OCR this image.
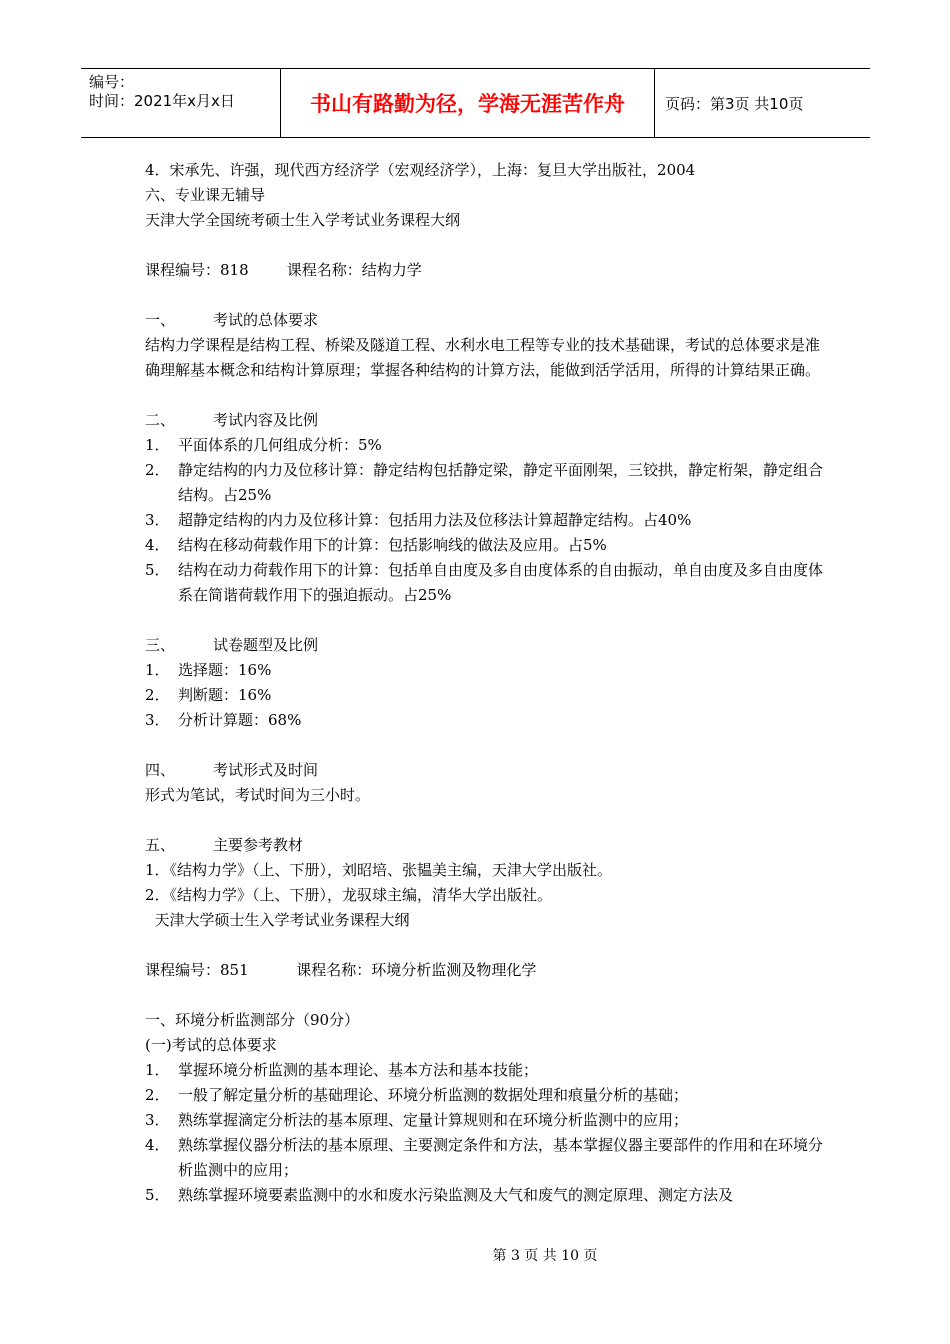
编号：
时间：2021年x月x日	书山有路勤为径，学海无涯苦作舟	页码：第3页 共10页
4．宋承先、许强，现代西方经济学（宏观经济学），上海：复旦大学出版社，2004
六、专业课无辅导
天津大学全国统考硕士生入学考试业务课程大纲
课程编号：818        课程名称：结构力学
一、	考试的总体要求
结构力学课程是结构工程、桥梁及隧道工程、水利水电工程等专业的技术基础课，考试的总体要求是准确理解基本概念和结构计算原理；掌握各种结构的计算方法，能做到活学活用，所得的计算结果正确。
二、	考试内容及比例
1． 平面体系的几何组成分析：5%
2． 静定结构的内力及位移计算：静定结构包括静定梁，静定平面刚架，三铰拱，静定桁架，静定组合结构。占25%
3． 超静定结构的内力及位移计算：包括用力法及位移法计算超静定结构。占40%
4． 结构在移动荷载作用下的计算：包括影响线的做法及应用。占5%
5． 结构在动力荷载作用下的计算：包括单自由度及多自由度体系的自由振动，单自由度及多自由度体系在简谐荷载作用下的强迫振动。占25%
三、	试卷题型及比例
1． 选择题：16%
2． 判断题：16%
3． 分析计算题：68%
四、	考试形式及时间
形式为笔试，考试时间为三小时。
五、	主要参考教材
1．《结构力学》（上、下册），刘昭培、张韫美主编，天津大学出版社。
2．《结构力学》（上、下册），龙驭球主编，清华大学出版社。
天津大学硕士生入学考试业务课程大纲
课程编号：851          课程名称：环境分析监测及物理化学
一、环境分析监测部分（90分）
(一)考试的总体要求
1． 掌握环境分析监测的基本理论、基本方法和基本技能；
2． 一般了解定量分析的基础理论、环境分析监测的数据处理和痕量分析的基础；
3． 熟练掌握滴定分析法的基本原理、定量计算规则和在环境分析监测中的应用；
4． 熟练掌握仪器分析法的基本原理、主要测定条件和方法，基本掌握仪器主要部件的作用和在环境分析监测中的应用；
5． 熟练掌握环境要素监测中的水和废水污染监测及大气和废气的测定原理、测定方法及
第 3 页 共 10 页
